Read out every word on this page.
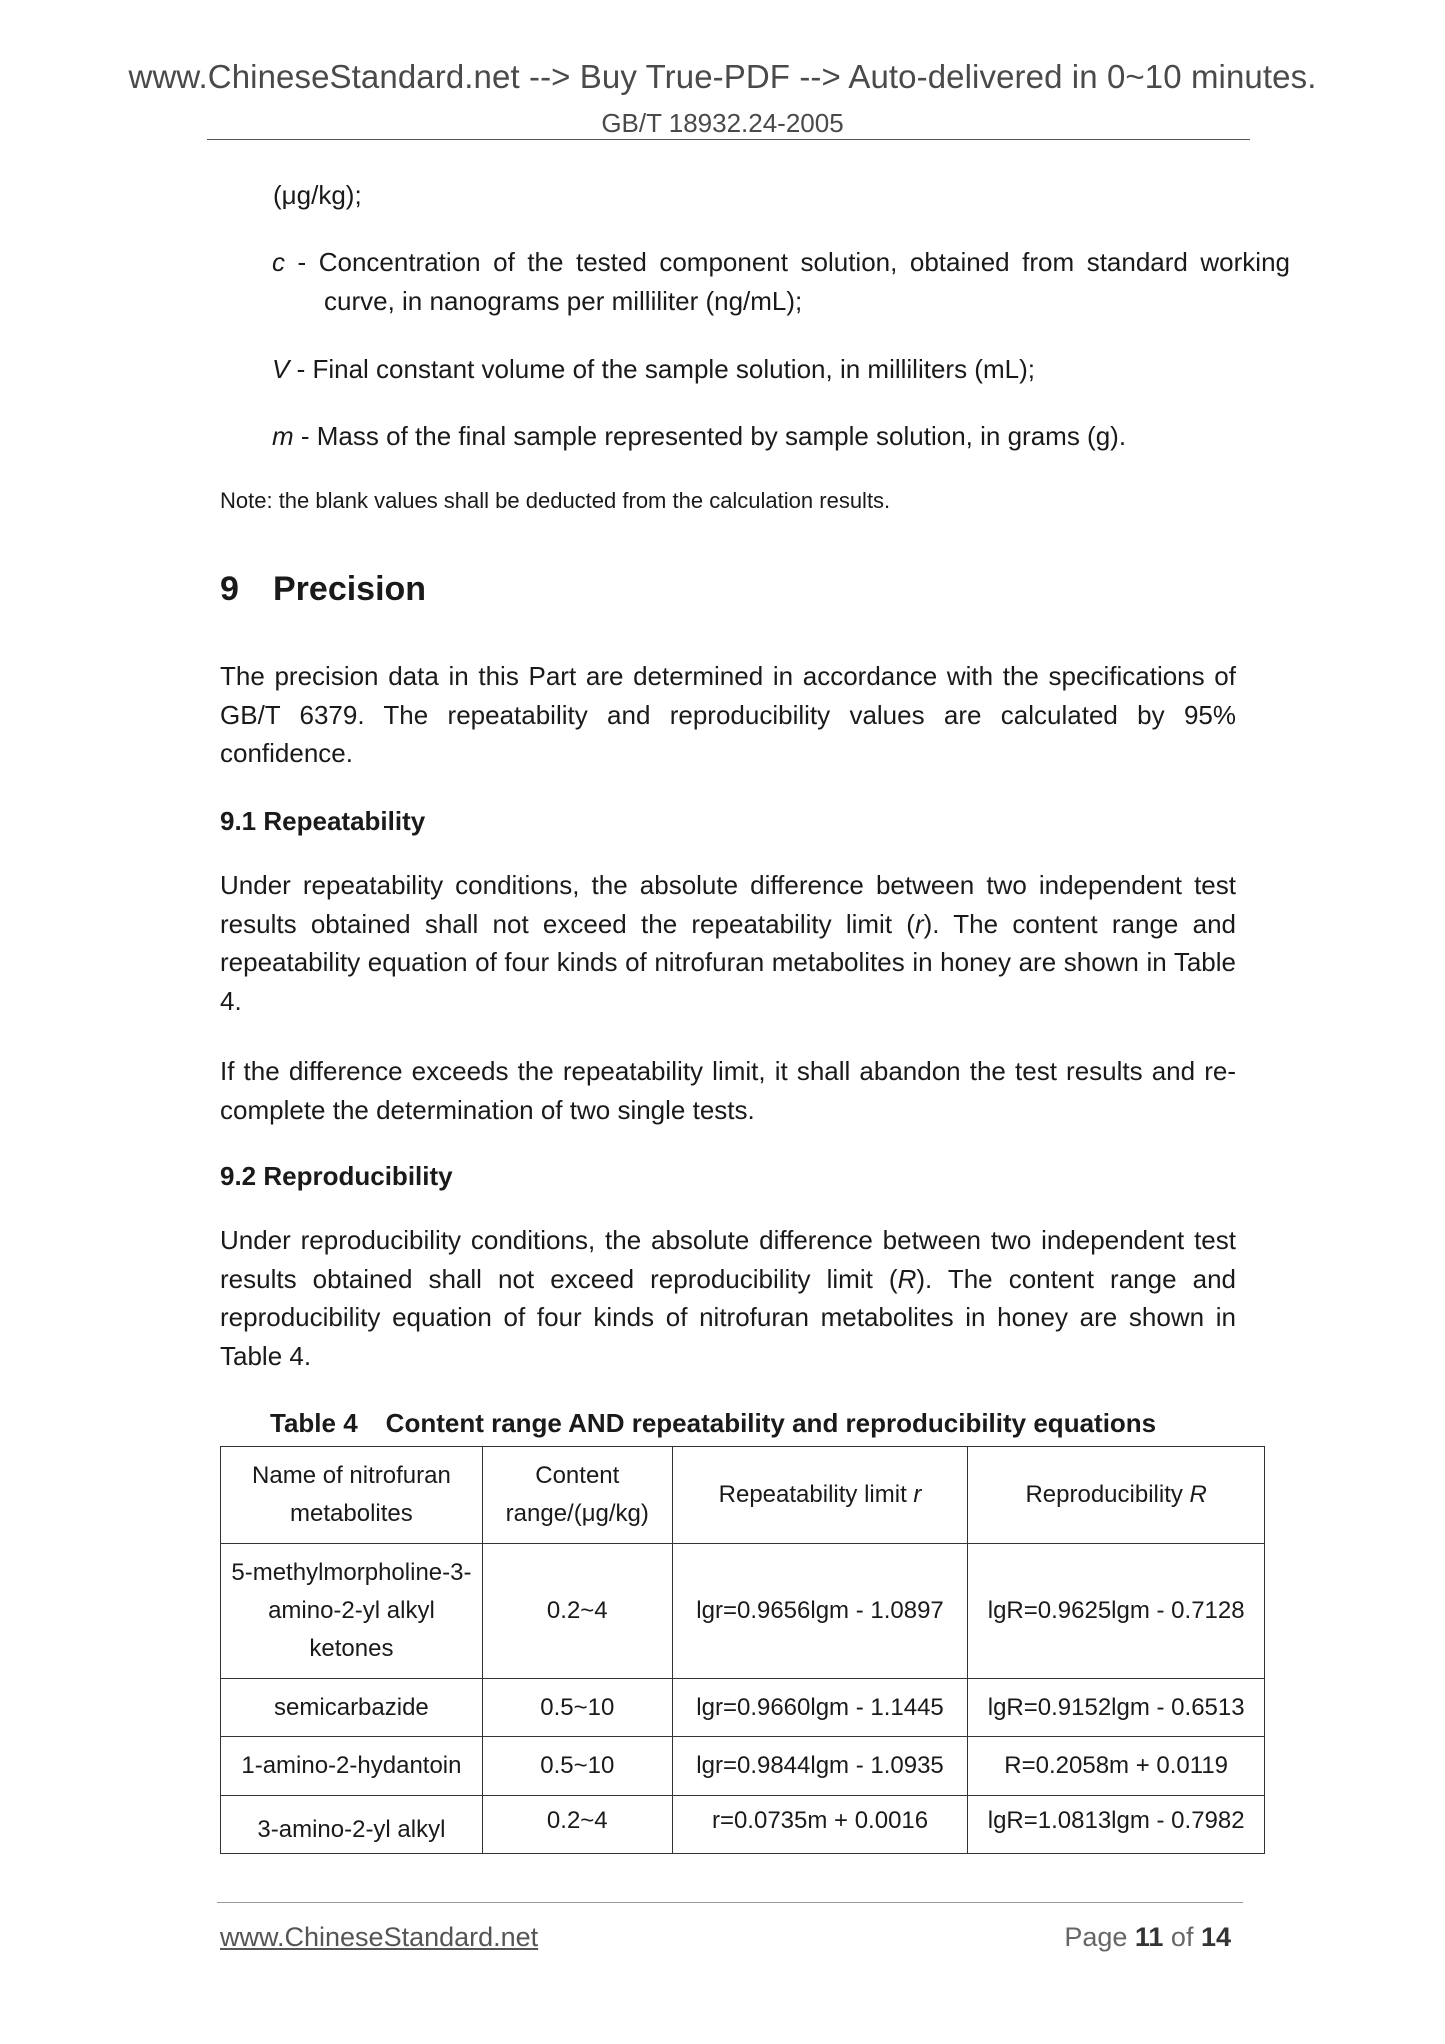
www.ChineseStandard.net --> Buy True-PDF --> Auto-delivered in 0~10 minutes.
GB/T 18932.24-2005
(μg/kg);
c - Concentration of the tested component solution, obtained from standard working curve, in nanograms per milliliter (ng/mL);
V - Final constant volume of the sample solution, in milliliters (mL);
m - Mass of the final sample represented by sample solution, in grams (g).
Note: the blank values shall be deducted from the calculation results.
9 Precision
The precision data in this Part are determined in accordance with the specifications of GB/T 6379. The repeatability and reproducibility values are calculated by 95% confidence.
9.1 Repeatability
Under repeatability conditions, the absolute difference between two independent test results obtained shall not exceed the repeatability limit (r). The content range and repeatability equation of four kinds of nitrofuran metabolites in honey are shown in Table 4.
If the difference exceeds the repeatability limit, it shall abandon the test results and re-complete the determination of two single tests.
9.2 Reproducibility
Under reproducibility conditions, the absolute difference between two independent test results obtained shall not exceed reproducibility limit (R). The content range and reproducibility equation of four kinds of nitrofuran metabolites in honey are shown in Table 4.
Table 4 Content range AND repeatability and reproducibility equations
Name of nitrofuran metabolites	Content range/(μg/kg)	Repeatability limit r	Reproducibility R
5-methylmorpholine-3-amino-2-yl alkyl ketones	0.2~4	lgr=0.9656lgm - 1.0897	lgR=0.9625lgm - 0.7128
semicarbazide	0.5~10	lgr=0.9660lgm - 1.1445	lgR=0.9152lgm - 0.6513
1-amino-2-hydantoin	0.5~10	lgr=0.9844lgm - 1.0935	R=0.2058m + 0.0119
3-amino-2-yl alkyl	0.2~4	r=0.0735m + 0.0016	lgR=1.0813lgm - 0.7982
www.ChineseStandard.net	Page 11 of 14
